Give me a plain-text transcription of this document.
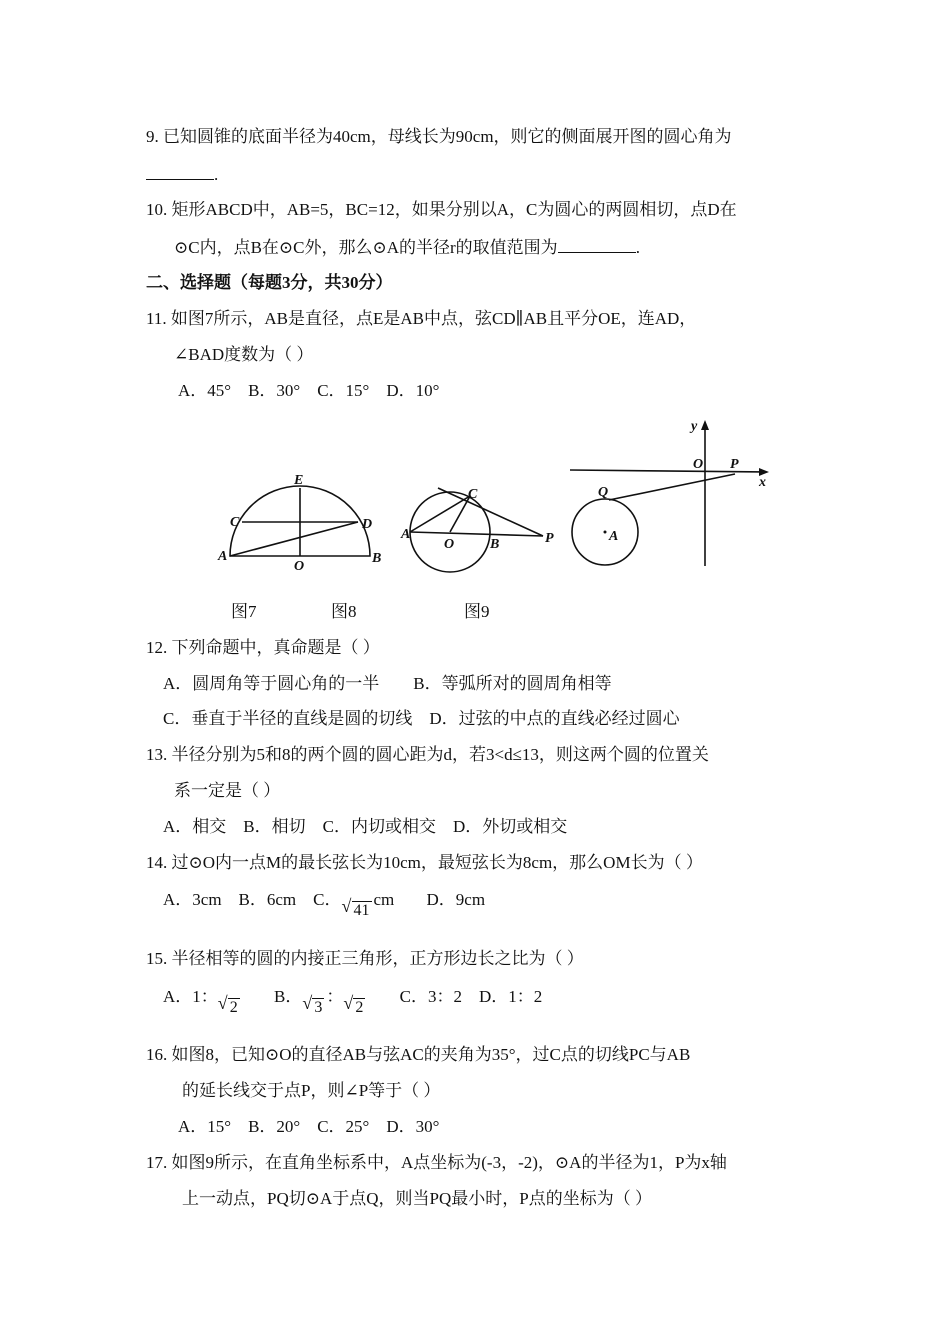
9. 已知圆锥的底面半径为40cm，母线长为90cm，则它的侧面展开图的圆心角为
.
10. 矩形ABCD中，AB=5，BC=12，如果分别以A，C为圆心的两圆相切，点D在
⊙C内，点B在⊙C外，那么⊙A的半径r的取值范围为	.
二、选择题（每题3分，共30分）
11. 如图7所示，AB是直径，点E是AB中点，弦CD∥AB且平分OE，连AD，
∠BAD度数为（ ）
A．45°　B．30°　C．15°　D．10°
E
C	D
A
O
B
C
A
O	B	P
y
O P
x
Q
A
图7	图8	图9
12. 下列命题中，真命题是（ ）
A．圆周角等于圆心角的一半　　B．等弧所对的圆周角相等
C．垂直于半径的直线是圆的切线　D．过弦的中点的直线必经过圆心
13. 半径分别为5和8的两个圆的圆心距为d，若3<d≤13，则这两个圆的位置关
系一定是（ ）
A．相交　B．相切　C．内切或相交　D．外切或相交
14. 过⊙O内一点M的最长弦长为10cm，最短弦长为8cm，那么OM长为（ ）
A．3cm　B．6cm　C． √ 41cm D．9cm
15. 半径相等的圆的内接正三角形，正方形边长之比为（ ）
A．1： √ 2 B． √ 3： √ 2 C．3：2　D．1：2
16. 如图8，已知⊙O的直径AB与弦AC的夹角为35°，过C点的切线PC与AB
的延长线交于点P，则∠P等于（ ）
A．15°　B．20°　C．25°　D．30°
17. 如图9所示，在直角坐标系中，A点坐标为(-3，-2)，⊙A的半径为1，P为x轴
上一动点，PQ切⊙A于点Q，则当PQ最小时，P点的坐标为（ ）
